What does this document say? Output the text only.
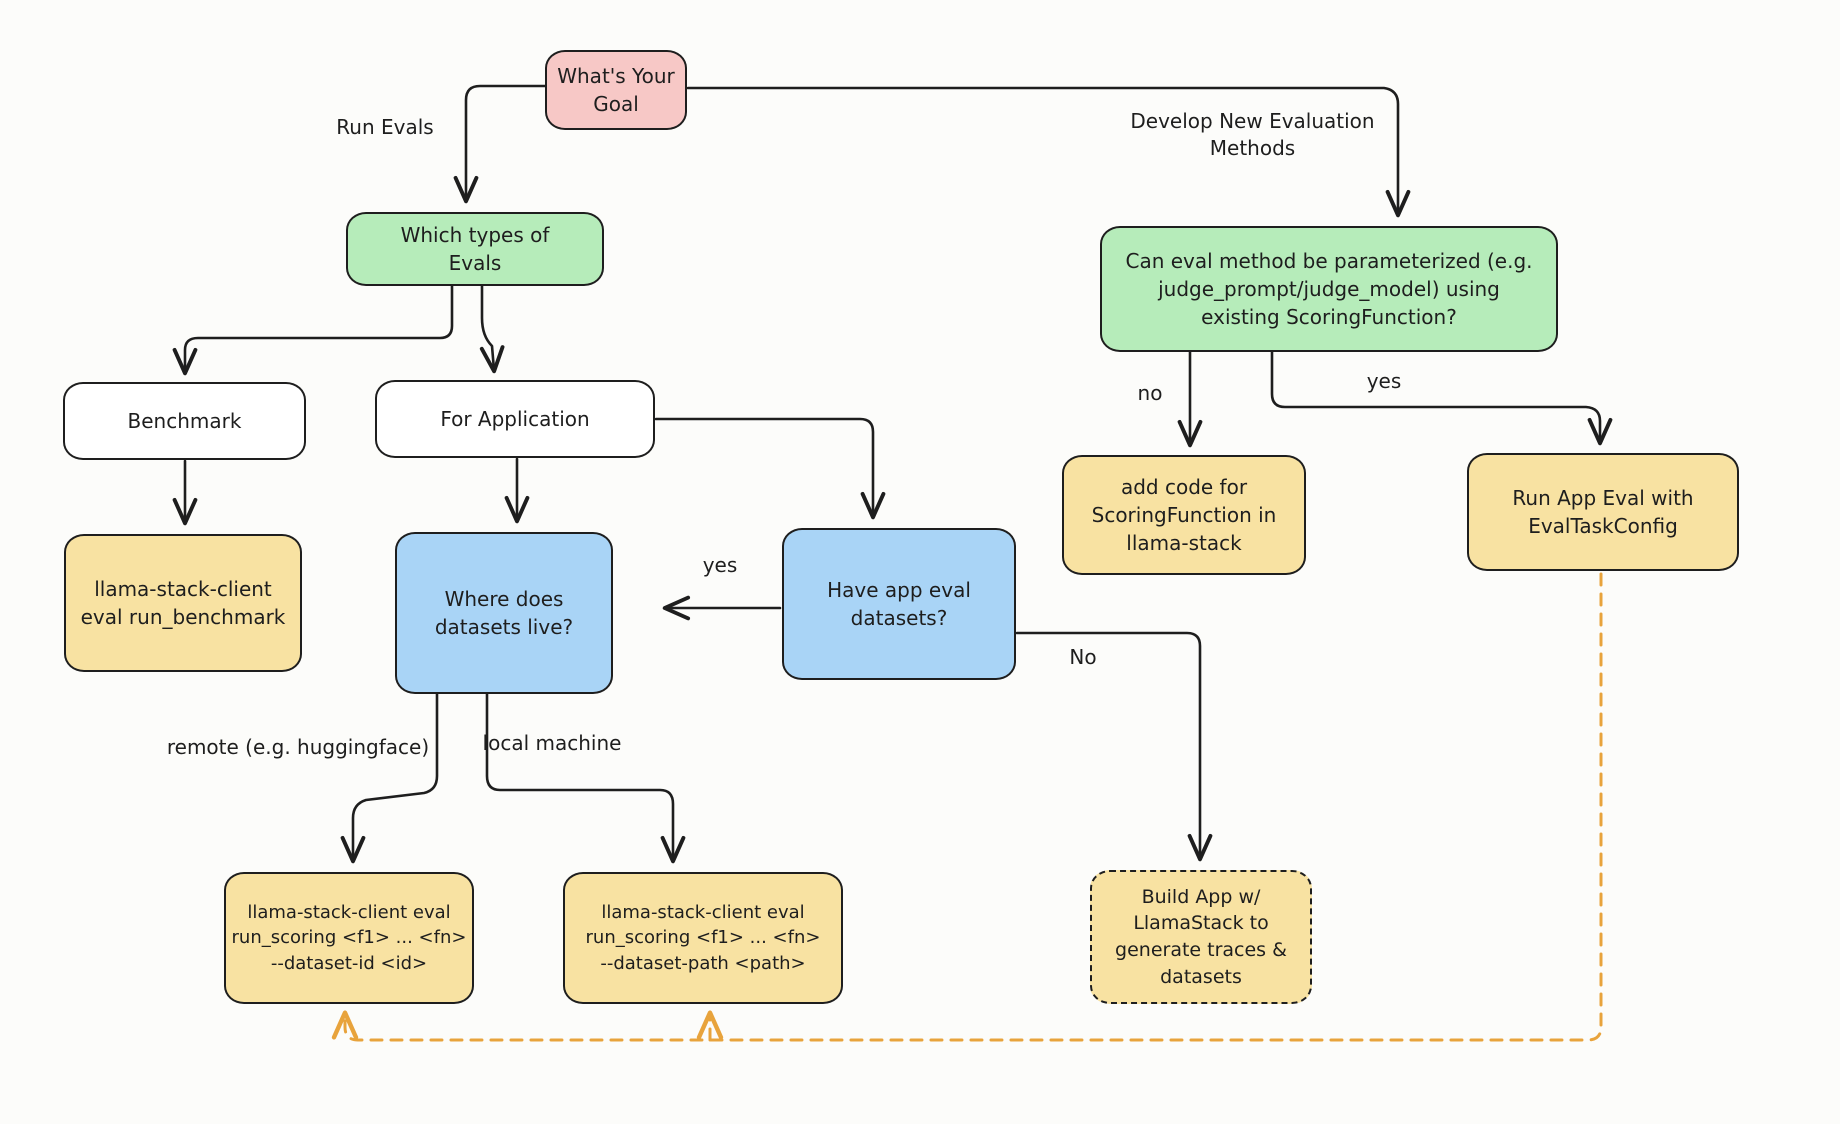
What's Your
Goal
Which types of
Evals	Can eval method be parameterized (e.g.
judge_prompt/judge_model) using
existing ScoringFunction?
Benchmark	For Application
llama-stack-client
eval run_benchmark
Where does
datasets live?
Have app eval
datasets?
add code for
ScoringFunction in
llama-stack
Run App Eval with
EvalTaskConfig
llama-stack-client eval
run_scoring <f1> ... <fn>
--dataset-id <id>
llama-stack-client eval
run_scoring <f1> ... <fn>
--dataset-path <path>
Build App w/
LlamaStack to
generate traces &
datasets
Run Evals	Develop New Evaluation
Methods
no	yes
yes
No
remote (e.g. huggingface)	local machine
